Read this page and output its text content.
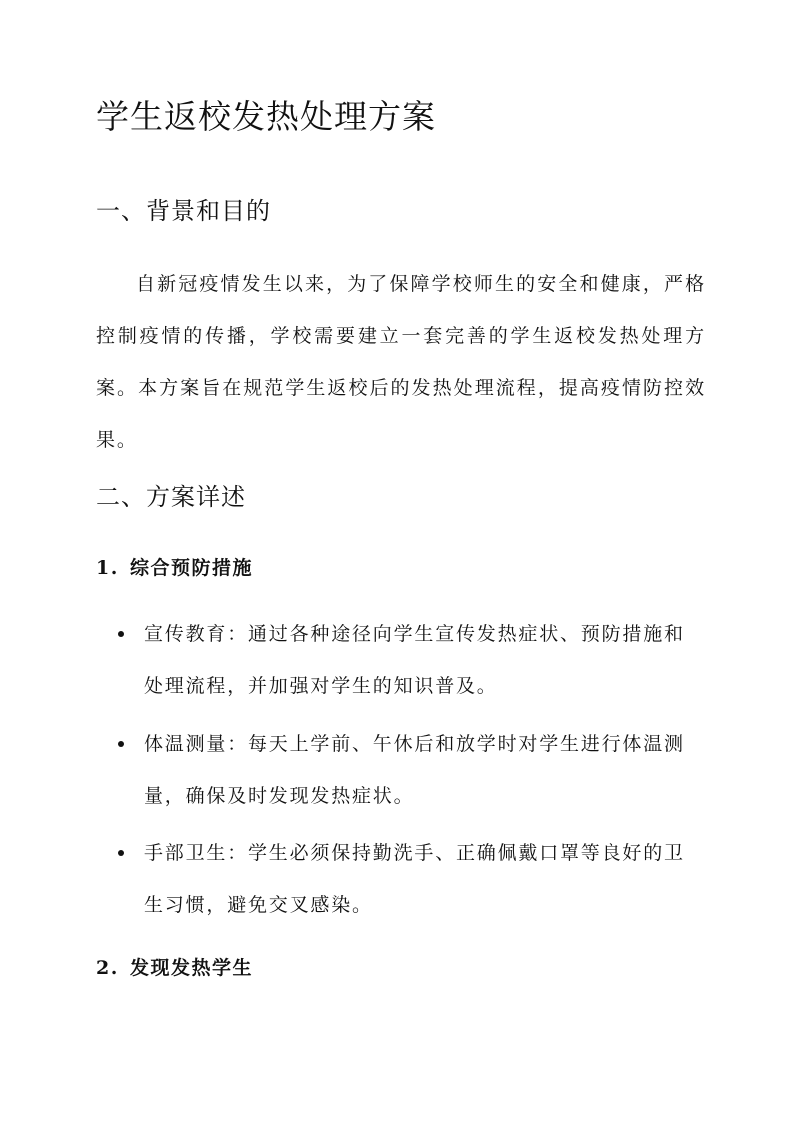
学生返校发热处理方案
一、背景和目的

自新冠疫情发生以来，为了保障学校师生的安全和健康，严格控制疫情的传播，学校需要建立一套完善的学生返校发热处理方案。本方案旨在规范学生返校后的发热处理流程，提高疫情防控效果。

二、方案详述
1. 综合预防措施
宣传教育：通过各种途径向学生宣传发热症状、预防措施和处理流程，并加强对学生的知识普及。
体温测量：每天上学前、午休后和放学时对学生进行体温测量，确保及时发现发热症状。
手部卫生：学生必须保持勤洗手、正确佩戴口罩等良好的卫生习惯，避免交叉感染。
2. 发现发热学生
